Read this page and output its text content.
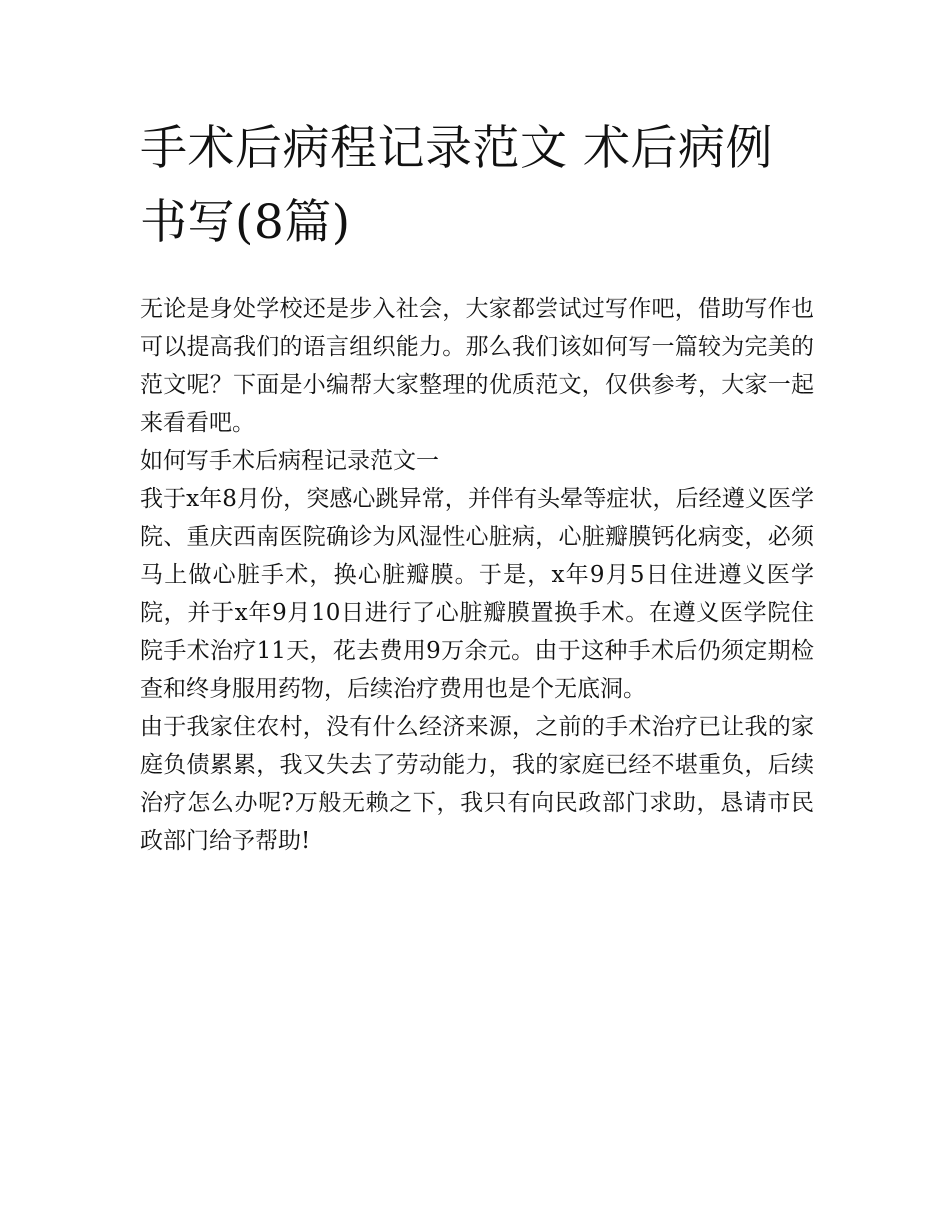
手术后病程记录范文 术后病例书写(8篇)

无论是身处学校还是步入社会，大家都尝试过写作吧，借助写作也可以提高我们的语言组织能力。那么我们该如何写一篇较为完美的范文呢？下面是小编帮大家整理的优质范文，仅供参考，大家一起来看看吧。

如何写手术后病程记录范文一

我于x年8月份，突感心跳异常，并伴有头晕等症状，后经遵义医学院、重庆西南医院确诊为风湿性心脏病，心脏瓣膜钙化病变，必须马上做心脏手术，换心脏瓣膜。于是，x年9月5日住进遵义医学院，并于x年9月10日进行了心脏瓣膜置换手术。在遵义医学院住院手术治疗11天，花去费用9万余元。由于这种手术后仍须定期检查和终身服用药物，后续治疗费用也是个无底洞。

由于我家住农村，没有什么经济来源，之前的手术治疗已让我的家庭负债累累，我又失去了劳动能力，我的家庭已经不堪重负，后续治疗怎么办呢?万般无赖之下，我只有向民政部门求助，恳请市民政部门给予帮助!
